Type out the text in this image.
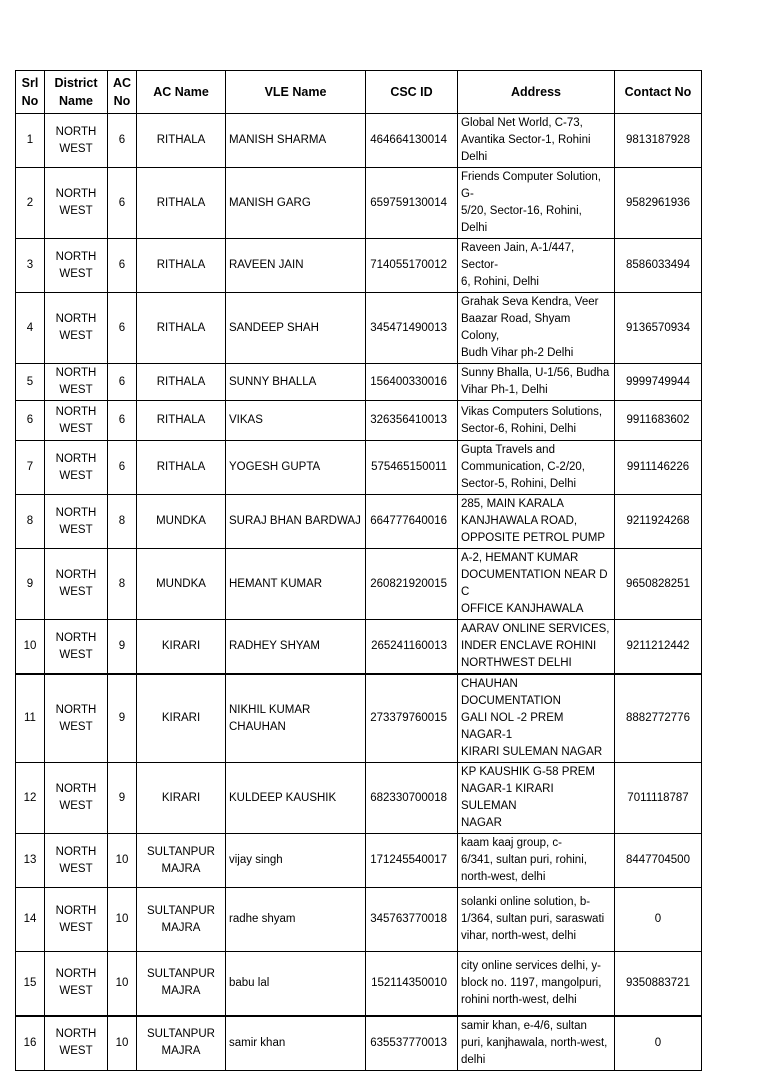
Srl
No	District
Name	AC
No	AC Name	VLE Name	CSC ID	Address	Contact No
1	NORTH
WEST	6	RITHALA	MANISH SHARMA	464664130014	Global Net World, C-73,
Avantika Sector-1, Rohini
Delhi	9813187928
2	NORTH
WEST	6	RITHALA	MANISH GARG	659759130014	Friends Computer Solution, G-
5/20, Sector-16, Rohini, Delhi	9582961936
3	NORTH
WEST	6	RITHALA	RAVEEN JAIN	714055170012	Raveen Jain, A-1/447, Sector-
6, Rohini, Delhi	8586033494
4	NORTH
WEST	6	RITHALA	SANDEEP SHAH	345471490013	Grahak Seva Kendra, Veer
Baazar Road, Shyam Colony,
Budh Vihar ph-2 Delhi	9136570934
5	NORTH
WEST	6	RITHALA	SUNNY BHALLA	156400330016	Sunny Bhalla, U-1/56, Budha
Vihar Ph-1, Delhi	9999749944
6	NORTH
WEST	6	RITHALA	VIKAS	326356410013	Vikas Computers Solutions,
Sector-6, Rohini, Delhi	9911683602
7	NORTH
WEST	6	RITHALA	YOGESH GUPTA	575465150011	Gupta Travels and
Communication, C-2/20,
Sector-5, Rohini, Delhi	9911146226
8	NORTH
WEST	8	MUNDKA	SURAJ BHAN BARDWAJ	664777640016	285, MAIN KARALA
KANJHAWALA ROAD,
OPPOSITE PETROL PUMP	9211924268
9	NORTH
WEST	8	MUNDKA	HEMANT KUMAR	260821920015	A-2, HEMANT KUMAR
DOCUMENTATION NEAR D C
OFFICE KANJHAWALA	9650828251
10	NORTH
WEST	9	KIRARI	RADHEY SHYAM	265241160013	AARAV ONLINE SERVICES,
INDER ENCLAVE ROHINI
NORTHWEST DELHI	9211212442
11	NORTH
WEST	9	KIRARI	NIKHIL KUMAR CHAUHAN	273379760015	CHAUHAN DOCUMENTATION
GALI NOL -2 PREM NAGAR-1
KIRARI SULEMAN NAGAR	8882772776
12	NORTH
WEST	9	KIRARI	KULDEEP KAUSHIK	682330700018	KP KAUSHIK G-58 PREM
NAGAR-1 KIRARI SULEMAN
NAGAR	7011118787
13	NORTH
WEST	10	SULTANPUR
MAJRA	vijay singh	171245540017	kaam kaaj group, c-
6/341, sultan puri, rohini,
north-west, delhi	8447704500
14	NORTH
WEST	10	SULTANPUR
MAJRA	radhe shyam	345763770018	solanki online solution, b-
1/364, sultan puri, saraswati
vihar, north-west, delhi	0
15	NORTH
WEST	10	SULTANPUR
MAJRA	babu lal	152114350010	city online services delhi, y-
block no. 1197, mangolpuri,
rohini north-west, delhi	9350883721
16	NORTH
WEST	10	SULTANPUR
MAJRA	samir khan	635537770013	samir khan, e-4/6, sultan
puri, kanjhawala, north-west,
delhi	0
